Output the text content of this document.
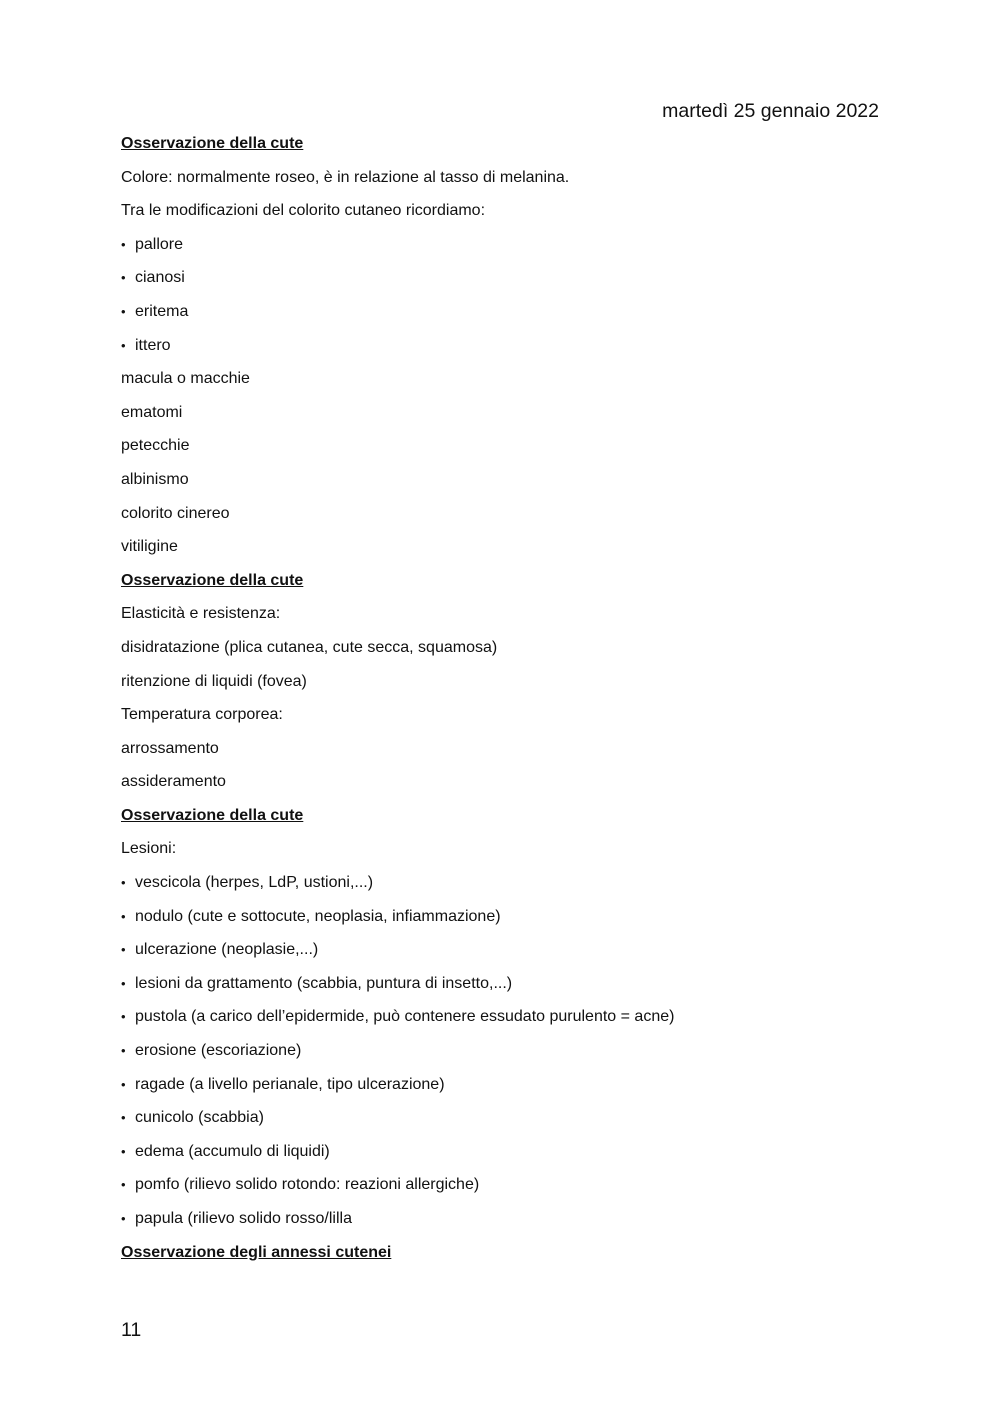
martedì 25 gennaio 2022
Osservazione della cute
Colore: normalmente roseo, è in relazione al tasso di melanina.
Tra le modificazioni del colorito cutaneo ricordiamo:
• pallore
• cianosi
• eritema
• ittero
macula o macchie
ematomi
petecchie
albinismo
colorito cinereo
vitiligine
Osservazione della cute
Elasticità e resistenza:
disidratazione (plica cutanea, cute secca, squamosa)
ritenzione di liquidi (fovea)
Temperatura corporea:
arrossamento
assideramento
Osservazione della cute
Lesioni:
• vescicola (herpes, LdP, ustioni,...)
• nodulo (cute e sottocute, neoplasia, infiammazione)
• ulcerazione (neoplasie,...)
• lesioni da grattamento (scabbia, puntura di insetto,...)
• pustola (a carico dell’epidermide, può contenere essudato purulento = acne)
• erosione (escoriazione)
• ragade (a livello perianale, tipo ulcerazione)
• cunicolo (scabbia)
• edema (accumulo di liquidi)
• pomfo (rilievo solido rotondo: reazioni allergiche)
• papula (rilievo solido rosso/lilla
Osservazione degli annessi cutenei
11
